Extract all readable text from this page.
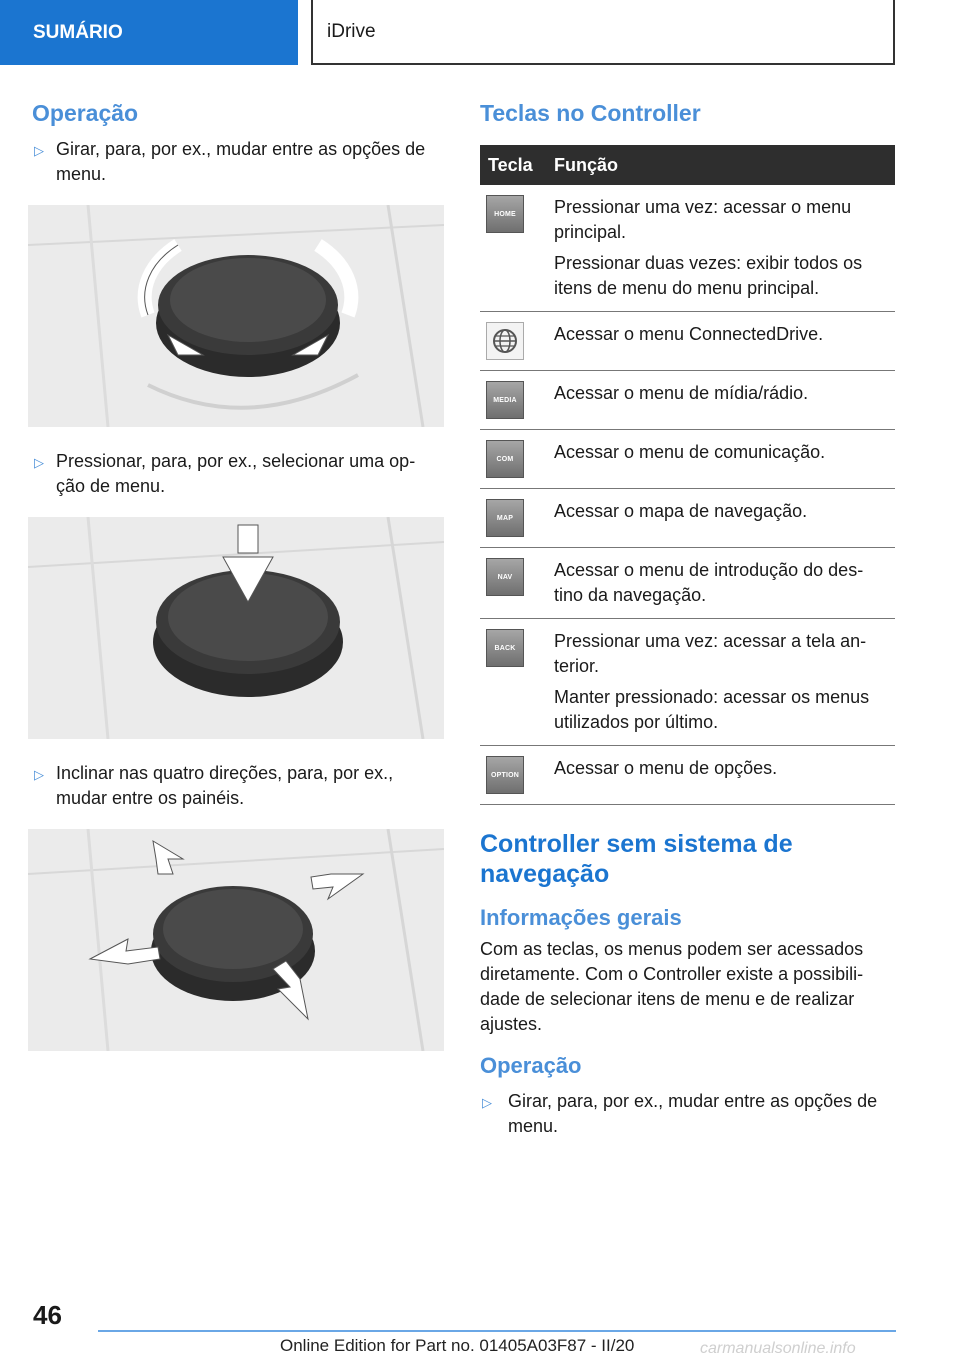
SUMÁRIO	iDrive
Operação
▷ Girar, para, por ex., mudar entre as opções de menu.
▷ Pressionar, para, por ex., selecionar uma op-ção de menu.
▷ Inclinar nas quatro direções, para, por ex., mudar entre os painéis.
Teclas no Controller
Tecla	Função

HOME	Pressionar uma vez: acessar o menu principal.

Pressionar duas vezes: exibir todos os itens de menu do menu principal.

Acessar o menu ConnectedDrive.

MEDIA	Acessar o menu de mídia/rádio.

COM	Acessar o menu de comunicação.

MAP	Acessar o mapa de navegação.

NAV	Acessar o menu de introdução do des-tino da navegação.

BACK	Pressionar uma vez: acessar a tela an-terior.

Manter pressionado: acessar os menus utilizados por último.

OPTION	Acessar o menu de opções.

Controller sem sistema de navegação
Informações gerais

Com as teclas, os menus podem ser acessados diretamente. Com o Controller existe a possibili-dade de selecionar itens de menu e de realizar ajustes.

Operação
▷ Girar, para, por ex., mudar entre as opções de menu.
46
Online Edition for Part no. 01405A03F87 - II/20	carmanualsonline.info
